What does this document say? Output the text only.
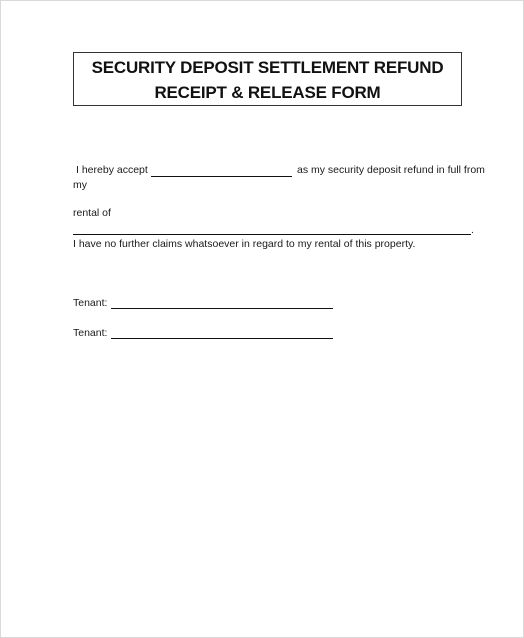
SECURITY DEPOSIT SETTLEMENT REFUND
RECEIPT & RELEASE FORM
I hereby accept	as my security deposit refund in full from
my
rental of
.
I have no further claims whatsoever in regard to my rental of this property.
Tenant:
Tenant:
